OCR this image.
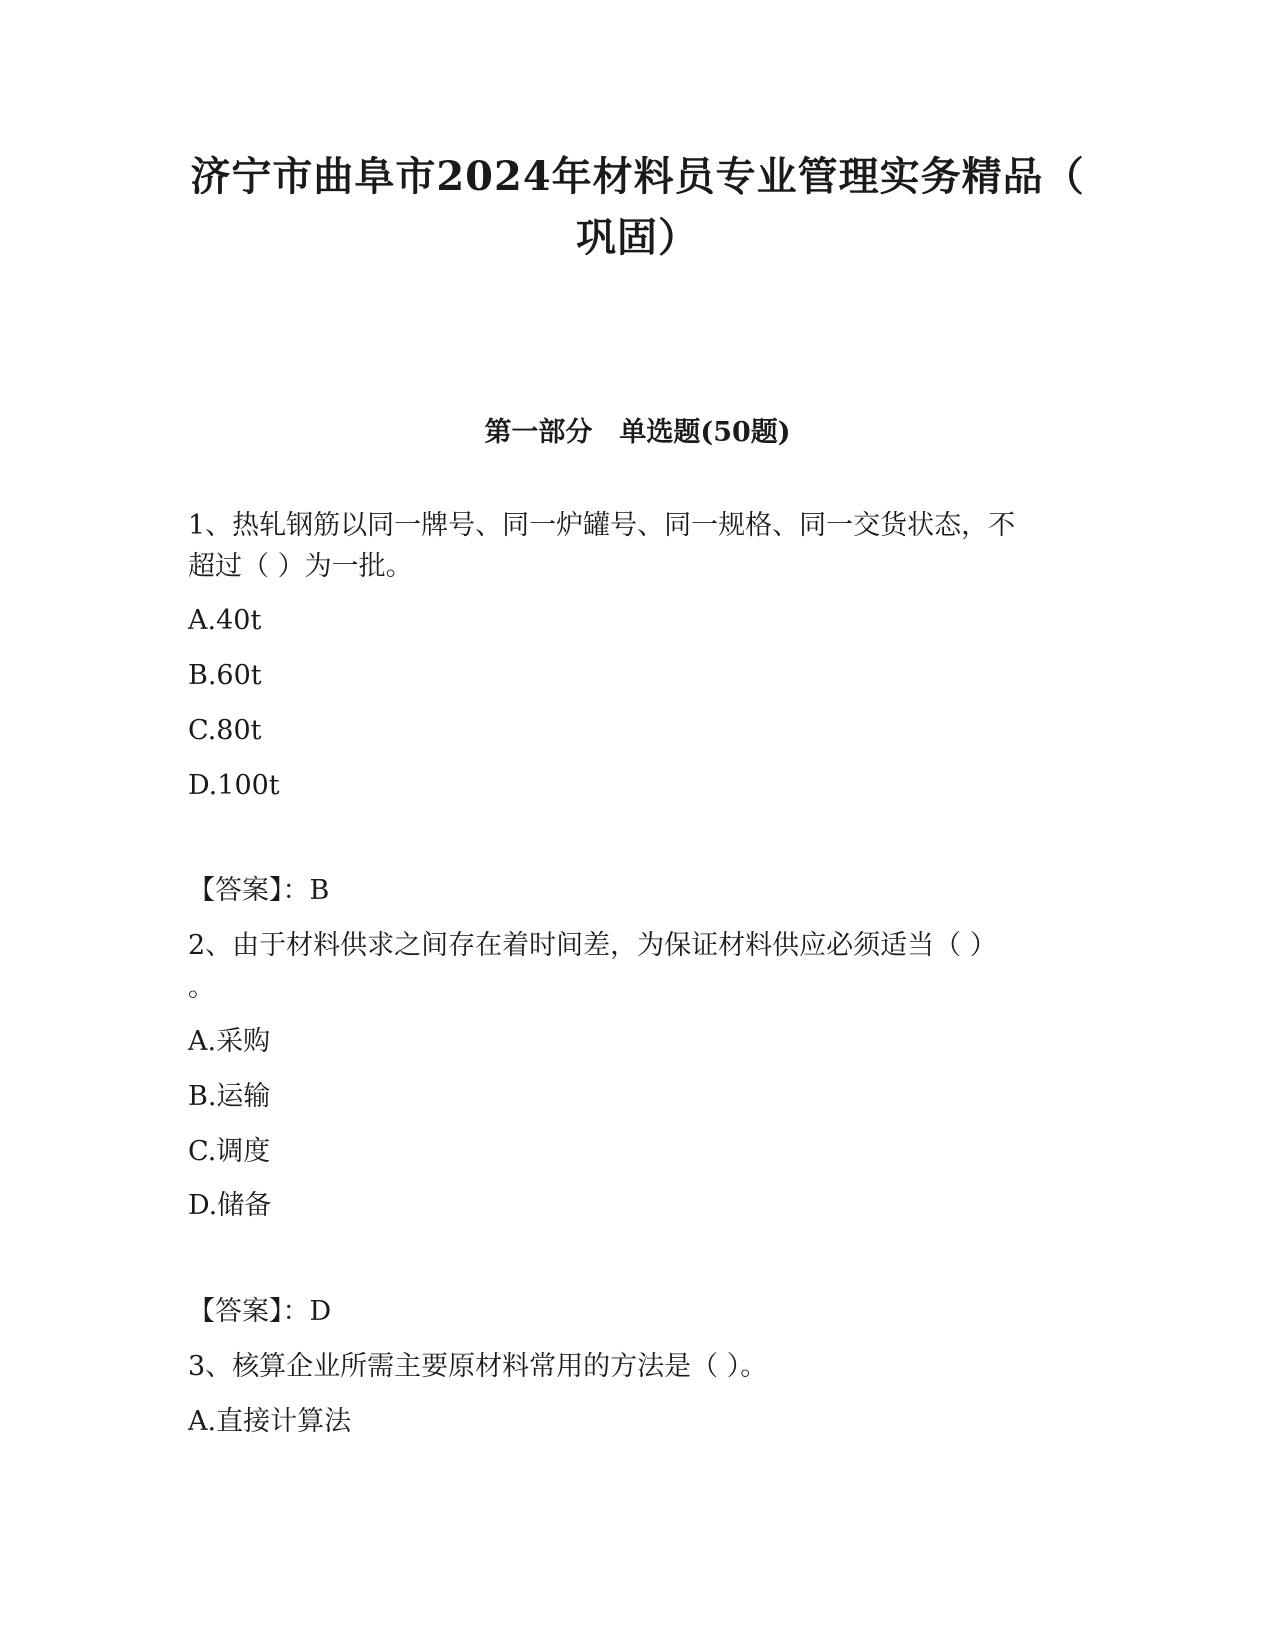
济宁市曲阜市2024年材料员专业管理实务精品（
巩固）
第一部分　单选题(50题)

1、热轧钢筋以同一牌号、同一炉罐号、同一规格、同一交货状态，不

超过（ ）为一批。

A.40t

B.60t

C.80t

D.100t

【答案】：B

2、由于材料供求之间存在着时间差，为保证材料供应必须适当（ ）

。

A.采购

B.运输

C.调度

D.储备

【答案】：D

3、核算企业所需主要原材料常用的方法是（ ）。

A.直接计算法
